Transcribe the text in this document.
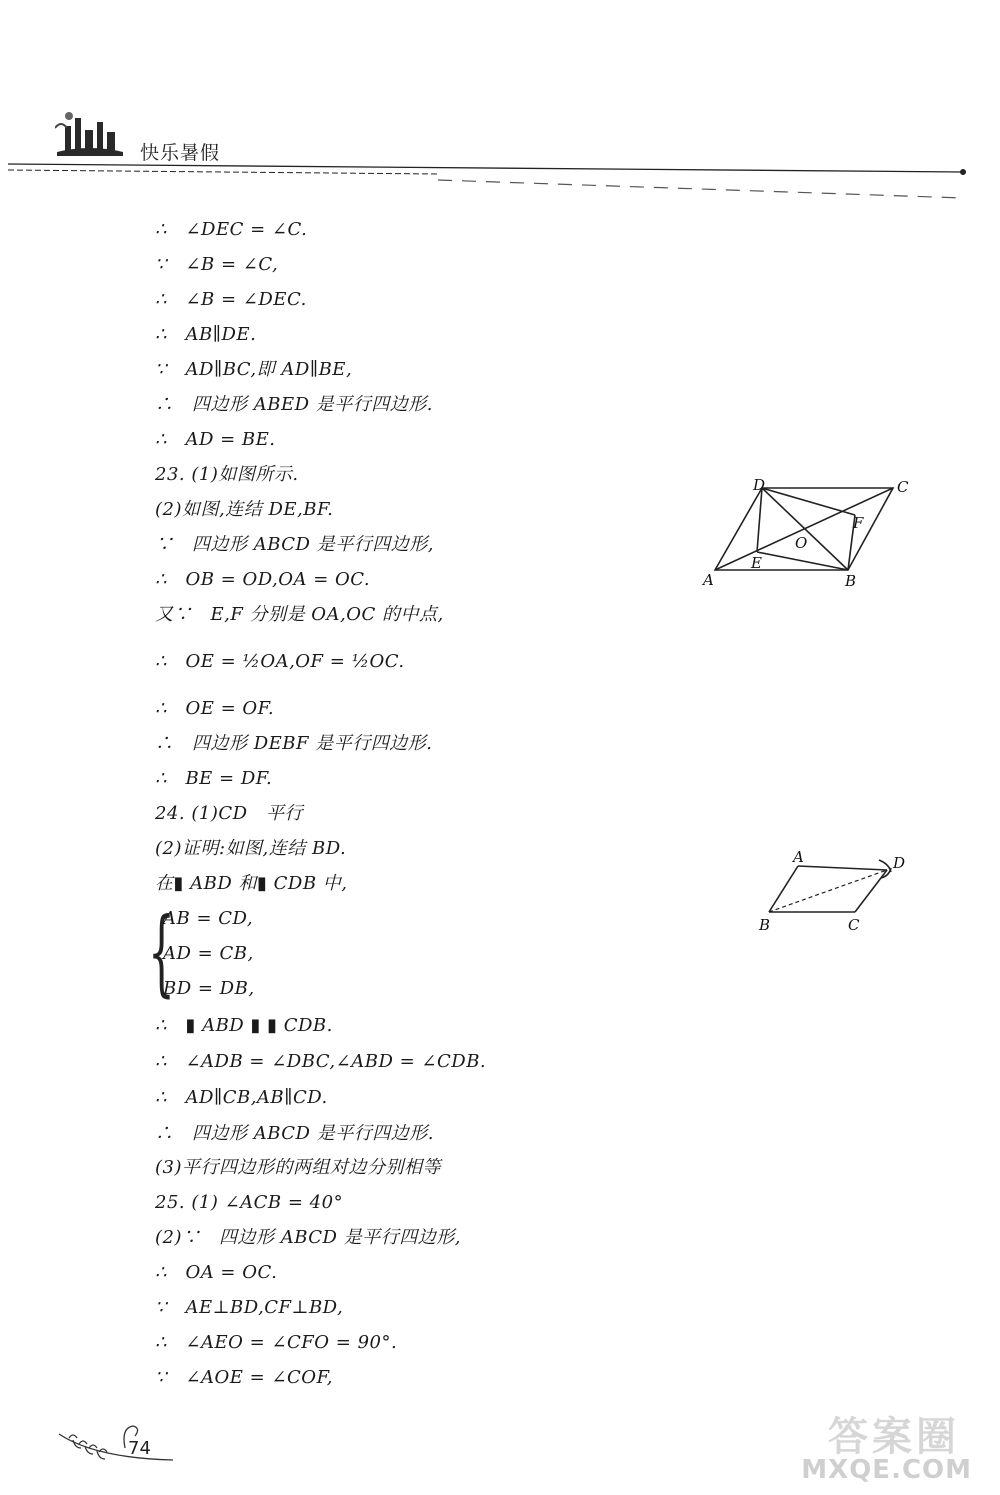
快乐暑假
∴　∠DEC = ∠C.
∵　∠B = ∠C,
∴　∠B = ∠DEC.
∴　AB∥DE.
∵　AD∥BC,即 AD∥BE,
∴　四边形 ABED 是平行四边形.
∴　AD = BE.
23. (1)如图所示.
(2)如图,连结 DE,BF.
∵　四边形 ABCD 是平行四边形,
∴　OB = OD,OA = OC.
又∵　E,F 分别是 OA,OC 的中点,
∴　OE = ½OA,OF = ½OC.
∴　OE = OF.
∴　四边形 DEBF 是平行四边形.
∴　BE = DF.
24. (1)CD　平行
(2)证明:如图,连结 BD.
在▮ ABD 和▮ CDB 中,
{
AB = CD,
AD = CB,
BD = DB,
∴　▮ ABD ▮ ▮ CDB.
∴　∠ADB = ∠DBC,∠ABD = ∠CDB.
∴　AD∥CB,AB∥CD.
∴　四边形 ABCD 是平行四边形.
(3)平行四边形的两组对边分别相等
25. (1) ∠ACB = 40°
(2)∵　四边形 ABCD 是平行四边形,
∴　OA = OC.
∵　AE⊥BD,CF⊥BD,
∴　∠AEO = ∠CFO = 90°.
∵　∠AOE = ∠COF,
A	B
C
D
E
F
O
A
B	C
D
74	答案圈
MXQE.COM
